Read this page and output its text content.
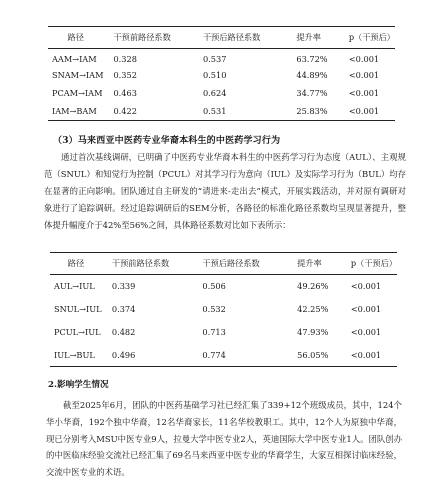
路径	干预前路径系数	干预后路径系数	提升率	p（干预后）
AAM→IAM	0.328	0.537	63.72%	<0.001
SNAM→IAM	0.352	0.510	44.89%	<0.001
PCAM→IAM	0.463	0.624	34.77%	<0.001
IAM→BAM	0.422	0.531	25.83%	<0.001
（3）马来西亚中医药专业华裔本科生的中医药学习行为

通过首次基线调研，已明确了中医药专业华裔本科生的中医药学习行为态度（AUL）、主观规范（SNUL）和知觉行为控制（PCUL）对其学习行为意向（IUL）及实际学习行为（BUL）均存在显著的正向影响。团队通过自主研发的“请进来-走出去”模式，开展实践活动，并对原有调研对象进行了追踪调研。经过追踪调研后的SEM分析，各路径的标准化路径系数均呈现显著提升，整体提升幅度介于42%至56%之间，具体路径系数对比如下表所示：

路径	干预前路径系数	干预后路径系数	提升率	p（干预后）
AUL→IUL	0.339	0.506	49.26%	<0.001
SNUL→IUL	0.374	0.532	42.25%	<0.001
PCUL→IUL	0.482	0.713	47.93%	<0.001
IUL→BUL	0.496	0.774	56.05%	<0.001
2.影响学生情况

截至2025年6月，团队的中医药基础学习社已经汇集了339+12个班级成员，其中，124个华小华裔，192个独中华裔，12名华裔家长，11名华校教职工。其中，12个人为原独中华裔，现已分别考入MSU中医专业9人，拉曼大学中医专业2人，英迪国际大学中医专业1人。团队创办的中医临床经验交流社已经汇集了69名马来西亚中医专业的华裔学生，大家互相探讨临床经验，交流中医专业的术语。
